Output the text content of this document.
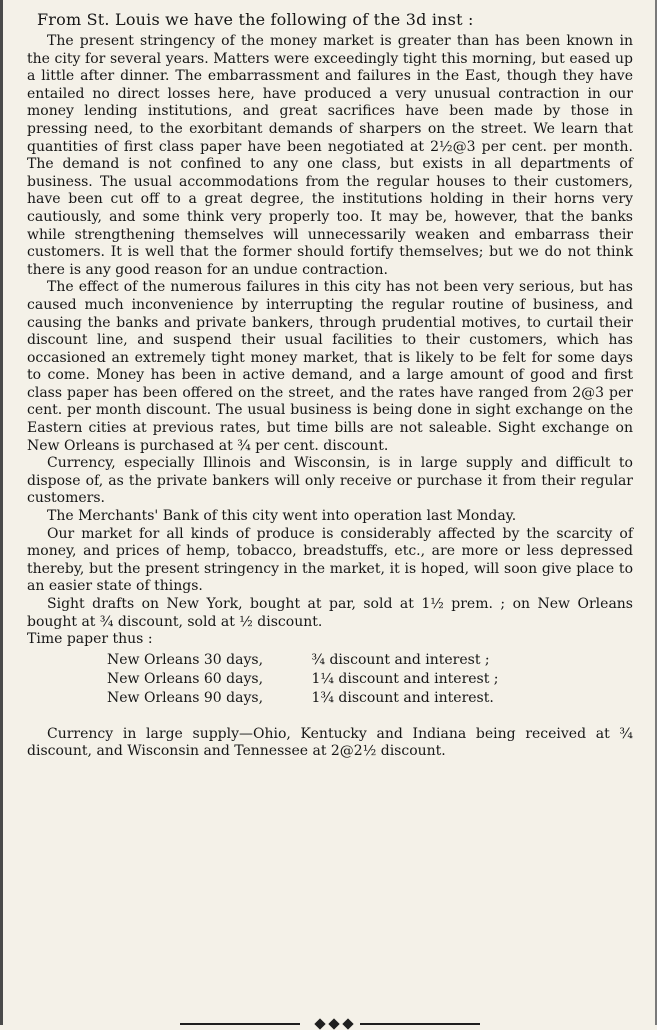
From St. Louis we have the following of the 3d inst :

The present stringency of the money market is greater than has been known in the city for several years. Matters were exceedingly tight this morning, but eased up a little after dinner. The embarrassment and failures in the East, though they have entailed no direct losses here, have produced a very unusual contraction in our money lending institutions, and great sacrifices have been made by those in pressing need, to the exorbitant demands of sharpers on the street. We learn that quantities of first class paper have been negotiated at 2½@3 per cent. per month. The demand is not confined to any one class, but exists in all departments of business. The usual accommodations from the regular houses to their customers, have been cut off to a great degree, the institutions holding in their horns very cautiously, and some think very properly too. It may be, however, that the banks while strengthening themselves will unnecessarily weaken and embarrass their customers. It is well that the former should fortify themselves; but we do not think there is any good reason for an undue contraction.

The effect of the numerous failures in this city has not been very serious, but has caused much inconvenience by interrupting the regular routine of business, and causing the banks and private bankers, through prudential motives, to curtail their discount line, and suspend their usual facilities to their customers, which has occasioned an extremely tight money market, that is likely to be felt for some days to come. Money has been in active demand, and a large amount of good and first class paper has been offered on the street, and the rates have ranged from 2@3 per cent. per month discount. The usual business is being done in sight exchange on the Eastern cities at previous rates, but time bills are not saleable. Sight exchange on New Orleans is purchased at ¾ per cent. discount.

Currency, especially Illinois and Wisconsin, is in large supply and difficult to dispose of, as the private bankers will only receive or purchase it from their regular customers.

The Merchants' Bank of this city went into operation last Monday.

Our market for all kinds of produce is considerably affected by the scarcity of money, and prices of hemp, tobacco, breadstuffs, etc., are more or less depressed thereby, but the present stringency in the market, it is hoped, will soon give place to an easier state of things.

Sight drafts on New York, bought at par, sold at 1½ prem. ; on New Orleans bought at ¾ discount, sold at ½ discount.

Time paper thus :
New Orleans 30 days,	¾ discount and interest ;
New Orleans 60 days,	1¼ discount and interest ;
New Orleans 90 days,	1¾ discount and interest.

Currency in large supply—Ohio, Kentucky and Indiana being received at ¾ discount, and Wisconsin and Tennessee at 2@2½ discount.
